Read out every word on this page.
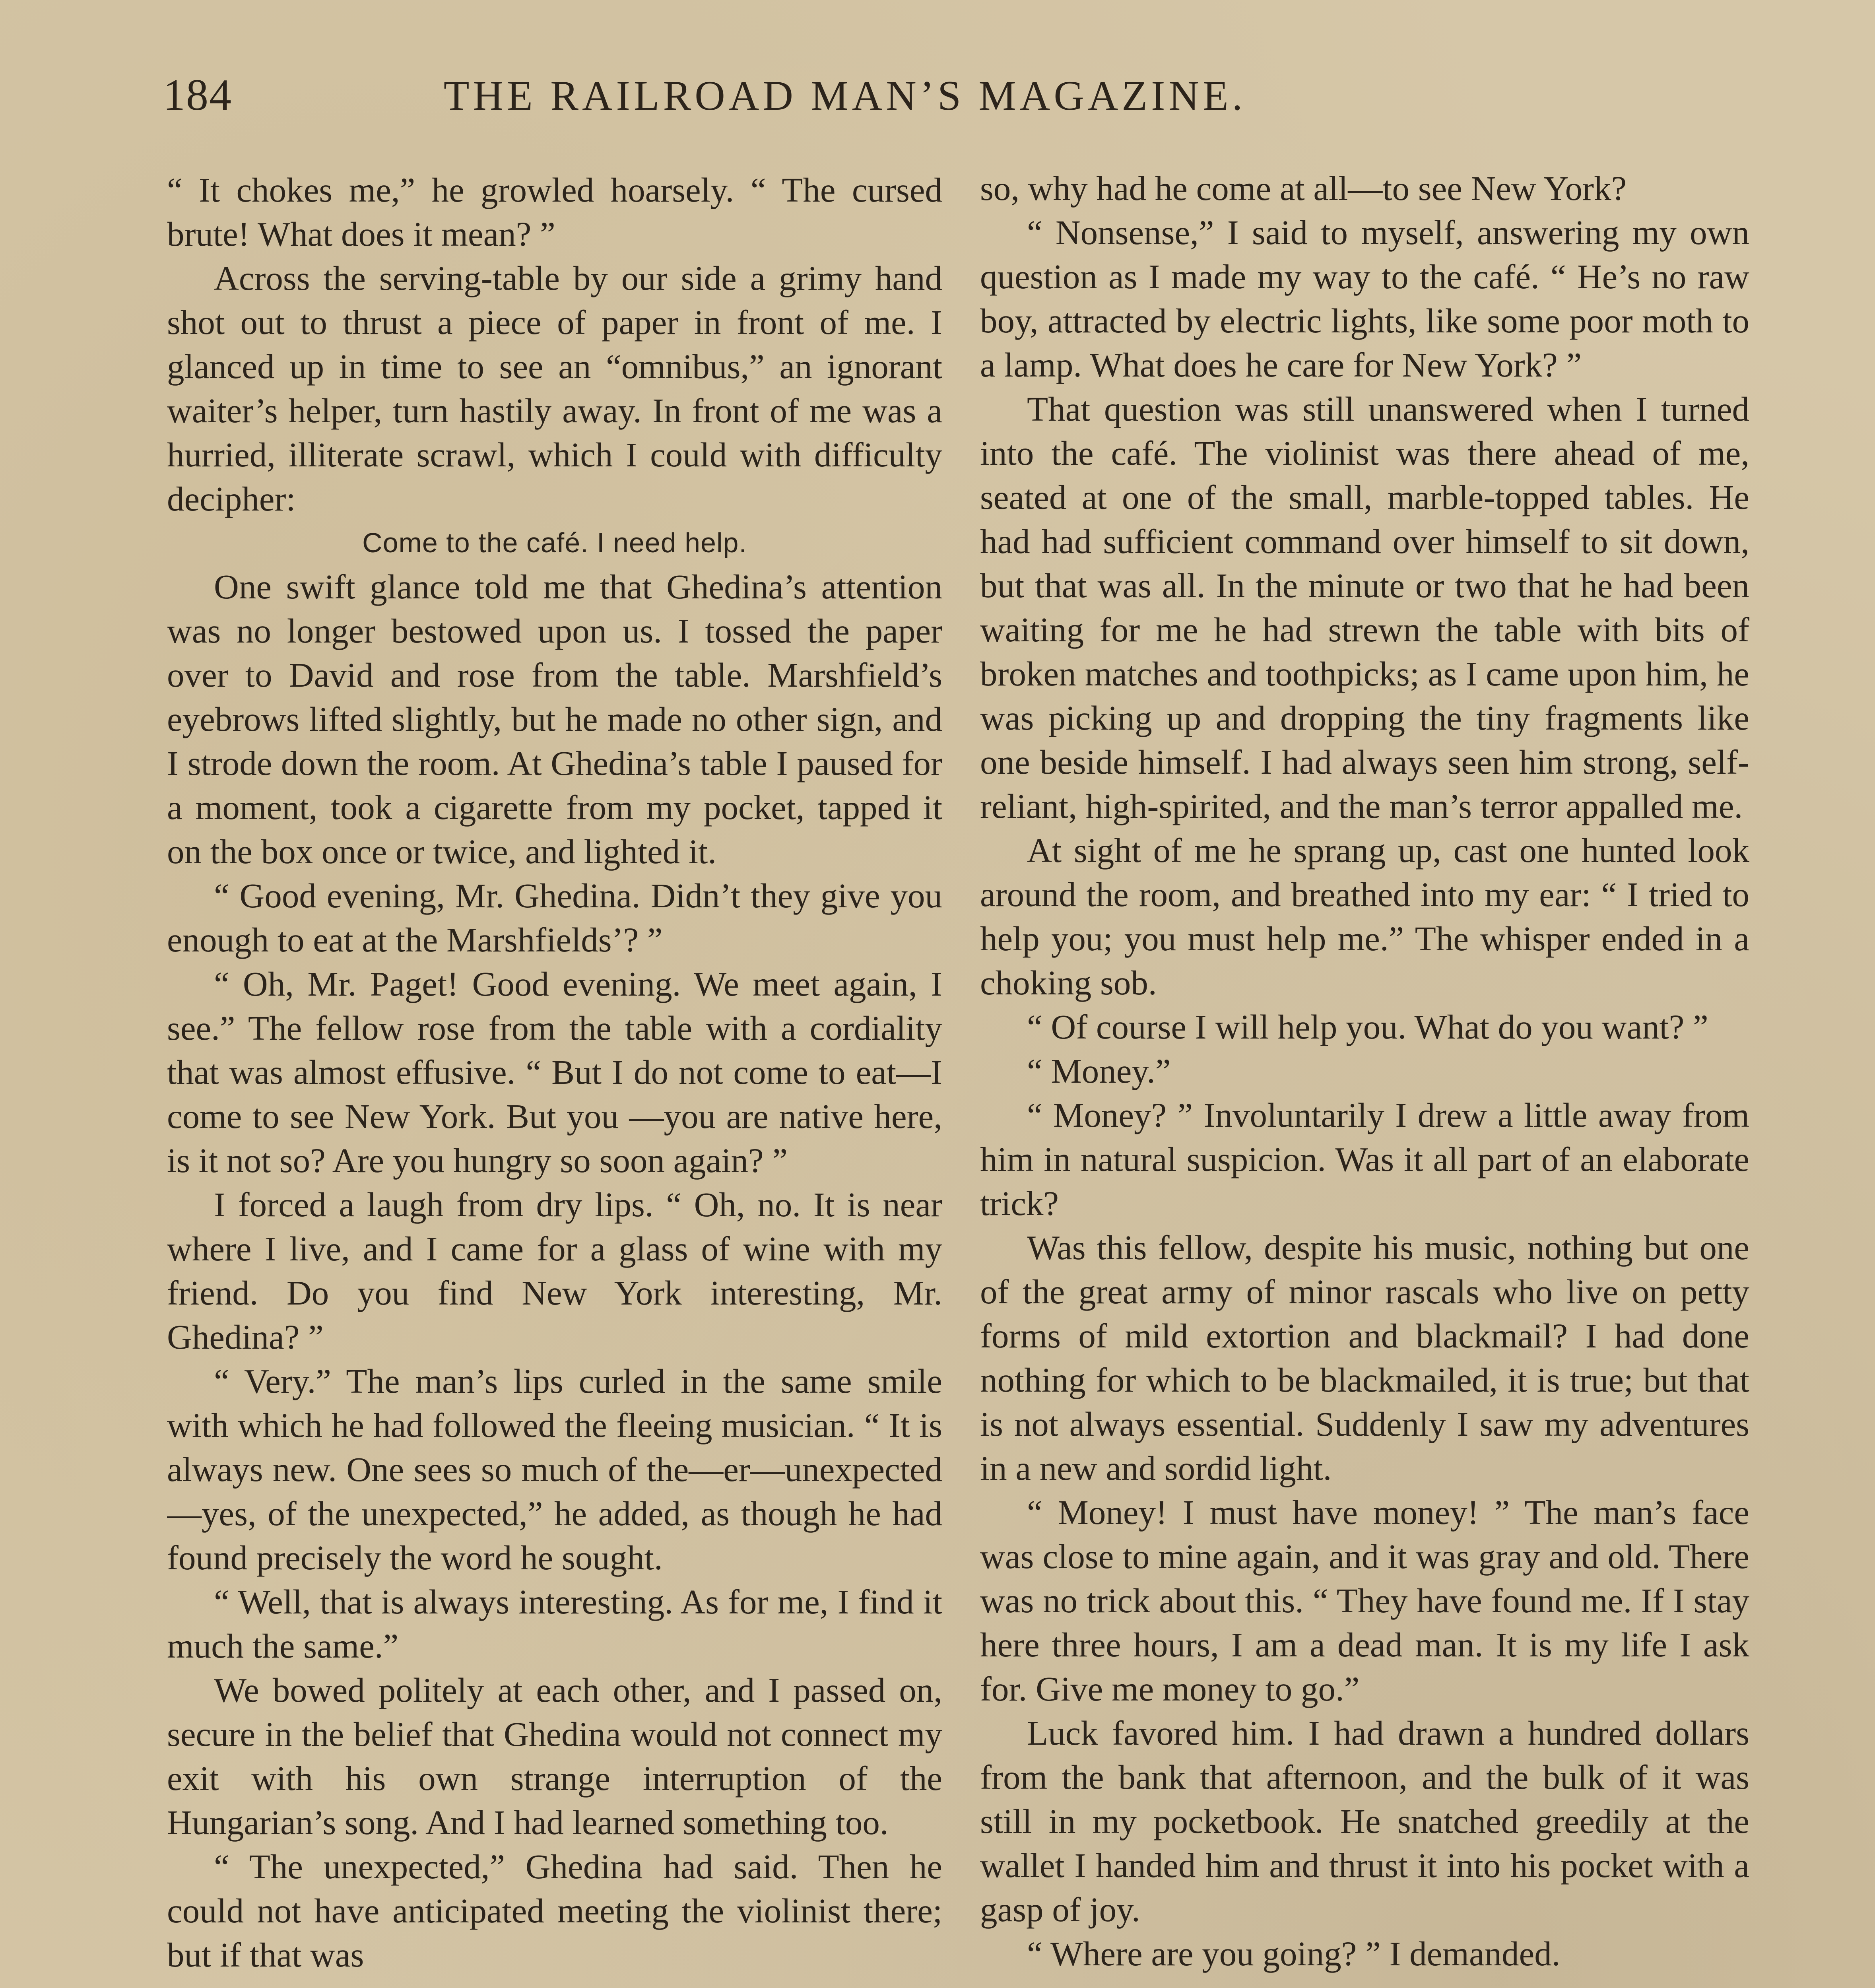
184	THE RAILROAD MAN’S MAGAZINE.

“ It chokes me,” he growled hoarsely. “ The cursed brute! What does it mean? ”

Across the serving-table by our side a grimy hand shot out to thrust a piece of paper in front of me. I glanced up in time to see an “omnibus,” an ignorant waiter’s helper, turn hastily away. In front of me was a hurried, illiterate scrawl, which I could with difficulty decipher:

Come to the café. I need help.

One swift glance told me that Ghedina’s attention was no longer bestowed upon us. I tossed the paper over to David and rose from the table. Marshfield’s eyebrows lifted slightly, but he made no other sign, and I strode down the room. At Ghedina’s table I paused for a moment, took a cigarette from my pocket, tapped it on the box once or twice, and lighted it.

“ Good evening, Mr. Ghedina. Didn’t they give you enough to eat at the Marshfields’? ”

“ Oh, Mr. Paget! Good evening. We meet again, I see.” The fellow rose from the table with a cordiality that was almost effusive. “ But I do not come to eat—I come to see New York. But you —you are native here, is it not so? Are you hungry so soon again? ”

I forced a laugh from dry lips. “ Oh, no. It is near where I live, and I came for a glass of wine with my friend. Do you find New York interesting, Mr. Ghedina? ”

“ Very.” The man’s lips curled in the same smile with which he had followed the fleeing musician. “ It is always new. One sees so much of the—er—unexpected—yes, of the unexpected,” he added, as though he had found precisely the word he sought.

“ Well, that is always interesting. As for me, I find it much the same.”

We bowed politely at each other, and I passed on, secure in the belief that Ghedina would not connect my exit with his own strange interruption of the Hungarian’s song. And I had learned something too.

“ The unexpected,” Ghedina had said. Then he could not have anticipated meeting the violinist there; but if that was

so, why had he come at all—to see New York?

“ Nonsense,” I said to myself, answering my own question as I made my way to the café. “ He’s no raw boy, attracted by electric lights, like some poor moth to a lamp. What does he care for New York? ”

That question was still unanswered when I turned into the café. The violinist was there ahead of me, seated at one of the small, marble-topped tables. He had had sufficient command over himself to sit down, but that was all. In the minute or two that he had been waiting for me he had strewn the table with bits of broken matches and toothpicks; as I came upon him, he was picking up and dropping the tiny fragments like one beside himself. I had always seen him strong, self-reliant, high-spirited, and the man’s terror appalled me.

At sight of me he sprang up, cast one hunted look around the room, and breathed into my ear: “ I tried to help you; you must help me.” The whisper ended in a choking sob.

“ Of course I will help you. What do you want? ”

“ Money.”

“ Money? ” Involuntarily I drew a little away from him in natural suspicion. Was it all part of an elaborate trick?

Was this fellow, despite his music, nothing but one of the great army of minor rascals who live on petty forms of mild extortion and blackmail? I had done nothing for which to be blackmailed, it is true; but that is not always essential. Suddenly I saw my adventures in a new and sordid light.

“ Money! I must have money! ” The man’s face was close to mine again, and it was gray and old. There was no trick about this. “ They have found me. If I stay here three hours, I am a dead man. It is my life I ask for. Give me money to go.”

Luck favored him. I had drawn a hundred dollars from the bank that afternoon, and the bulk of it was still in my pocketbook. He snatched greedily at the wallet I handed him and thrust it into his pocket with a gasp of joy.

“ Where are you going? ” I demanded.
